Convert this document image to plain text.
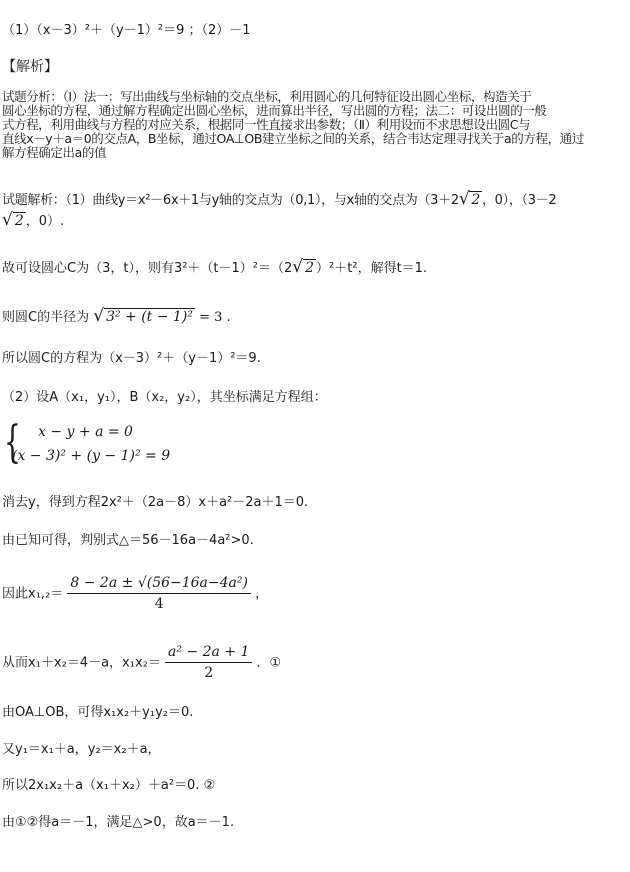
（1）（x－3）²＋（y－1）²＝9 ；（2）－1
【解析】
试题分析：（Ⅰ）法一：写出曲线与坐标轴的交点坐标，利用圆心的几何特征设出圆心坐标，构造关于
圆心坐标的方程，通过解方程确定出圆心坐标，进而算出半径，写出圆的方程；法二：可设出圆的一般
式方程，利用曲线与方程的对应关系，根据同一性直接求出参数；（Ⅱ）利用设而不求思想设出圆C与
直线x－y＋a＝0的交点A，B坐标，通过OA⊥OB建立坐标之间的关系，结合韦达定理寻找关于a的方程，通过
解方程确定出a的值
试题解析：（1）曲线y＝x²－6x＋1与y轴的交点为（0,1），与x轴的交点为（3＋2√ 2 ，0），（3－2
√ 2 ，0）.
故可设圆心C为（3，t），则有3²＋（t－1）²＝（2√ 2 ）²＋t²，解得t＝1.
则圆C的半径为 √ 3² + (t − 1)² = 3 .
所以圆C的方程为（x－3）²＋（y－1）²＝9.
（2）设A（x₁，y₁），B（x₂，y₂），其坐标满足方程组：
{ x − y + a = 0
(x − 3)² + (y − 1)² = 9
消去y，得到方程2x²＋（2a－8）x＋a²－2a＋1＝0.
由已知可得，判别式△＝56－16a－4a²>0.
因此$x_1,_2= \frac{\text{8 − 2a ± √(56−16a−4a²)}}{4}$ ，
从而x₁＋x₂＝4－a，$x_1x_2= \frac{\text{a² − 2a + 1}}{2}$ ．①
由OA⊥OB，可得x₁x₂＋y₁y₂＝0.
又y₁＝x₁＋a，y₂＝x₂＋a，
所以2x₁x₂＋a（x₁＋x₂）＋a²＝0. ②
由①②得a＝－1，满足△>0，故a＝－1.
